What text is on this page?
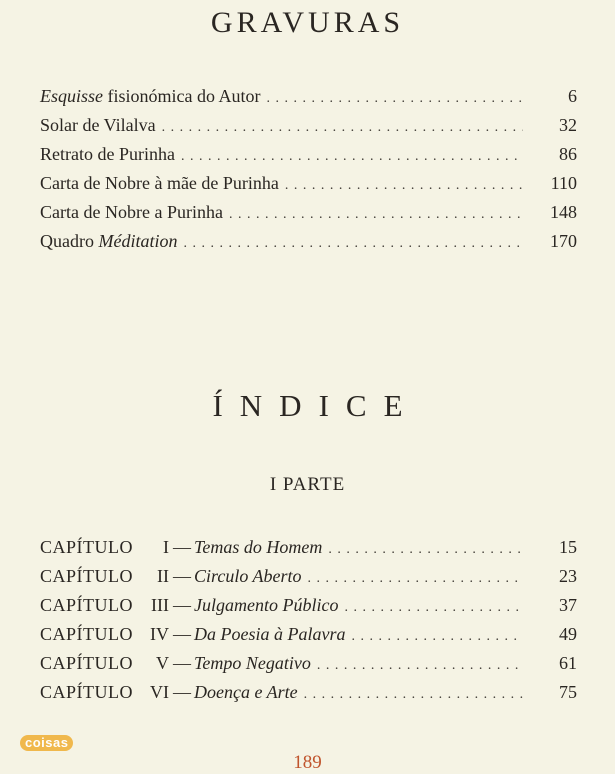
GRAVURAS
Esquisse fisionómica do Autor . . .	6
Solar de Vilalva . . .	32
Retrato de Purinha . . .	86
Carta de Nobre à mãe de Purinha . . .	110
Carta de Nobre a Purinha . . .	148
Quadro Méditation . . .	170
ÍNDICE
I PARTE
CAPÍTULO I — Temas do Homem . . .	15
CAPÍTULO II — Circulo Aberto . . .	23
CAPÍTULO III — Julgamento Público . . .	37
CAPÍTULO IV — Da Poesia à Palavra . . .	49
CAPÍTULO V — Tempo Negativo . . .	61
CAPÍTULO VI — Doença e Arte . . .	75
coisas
189
